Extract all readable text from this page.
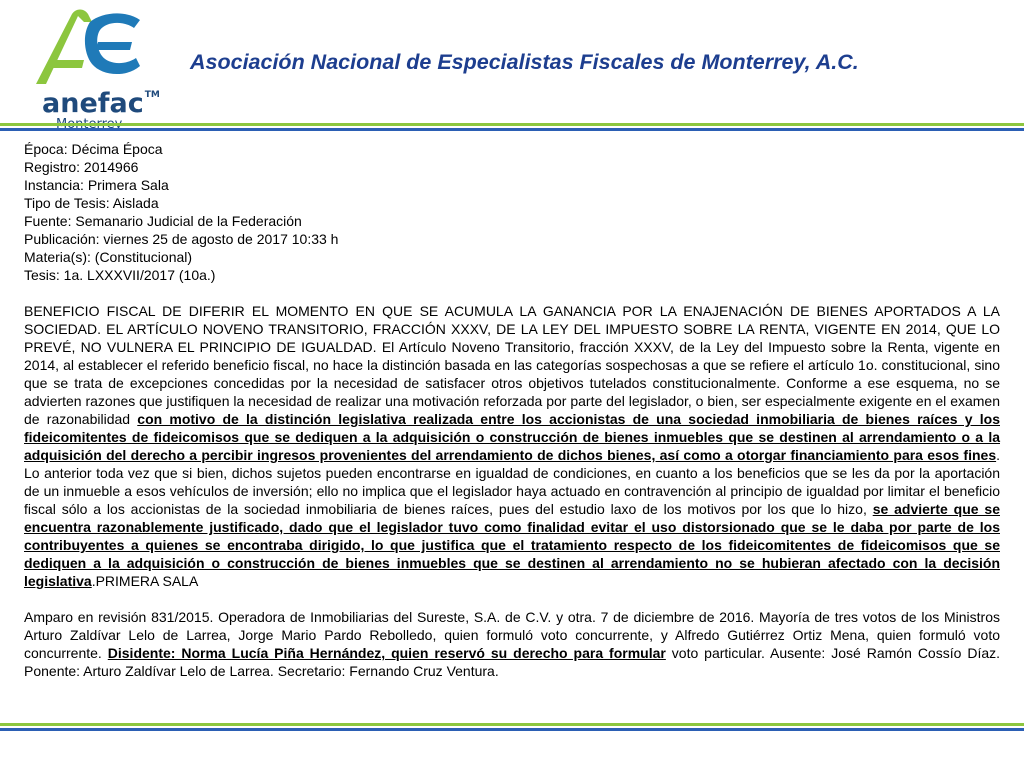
anefac™
Asociación Nacional de Especialistas Fiscales de Monterrey, A.C.
Época: Décima Época
Registro: 2014966
Instancia: Primera Sala
Tipo de Tesis: Aislada
Fuente: Semanario Judicial de la Federación
Publicación: viernes 25 de agosto de 2017 10:33 h
Materia(s): (Constitucional)
Tesis: 1a. LXXXVII/2017 (10a.)
BENEFICIO FISCAL DE DIFERIR EL MOMENTO EN QUE SE ACUMULA LA GANANCIA POR LA ENAJENACIÓN DE BIENES APORTADOS A LA SOCIEDAD. EL ARTÍCULO NOVENO TRANSITORIO, FRACCIÓN XXXV, DE LA LEY DEL IMPUESTO SOBRE LA RENTA, VIGENTE EN 2014, QUE LO PREVÉ, NO VULNERA EL PRINCIPIO DE IGUALDAD. El Artículo Noveno Transitorio, fracción XXXV, de la Ley del Impuesto sobre la Renta, vigente en 2014, al establecer el referido beneficio fiscal, no hace la distinción basada en las categorías sospechosas a que se refiere el artículo 1o. constitucional, sino que se trata de excepciones concedidas por la necesidad de satisfacer otros objetivos tutelados constitucionalmente. Conforme a ese esquema, no se advierten razones que justifiquen la necesidad de realizar una motivación reforzada por parte del legislador, o bien, ser especialmente exigente en el examen de razonabilidad con motivo de la distinción legislativa realizada entre los accionistas de una sociedad inmobiliaria de bienes raíces y los fideicomitentes de fideicomisos que se dediquen a la adquisición o construcción de bienes inmuebles que se destinen al arrendamiento o a la adquisición del derecho a percibir ingresos provenientes del arrendamiento de dichos bienes, así como a otorgar financiamiento para esos fines. Lo anterior toda vez que si bien, dichos sujetos pueden encontrarse en igualdad de condiciones, en cuanto a los beneficios que se les da por la aportación de un inmueble a esos vehículos de inversión; ello no implica que el legislador haya actuado en contravención al principio de igualdad por limitar el beneficio fiscal sólo a los accionistas de la sociedad inmobiliaria de bienes raíces, pues del estudio laxo de los motivos por los que lo hizo, se advierte que se encuentra razonablemente justificado, dado que el legislador tuvo como finalidad evitar el uso distorsionado que se le daba por parte de los contribuyentes a quienes se encontraba dirigido, lo que justifica que el tratamiento respecto de los fideicomitentes de fideicomisos que se dediquen a la adquisición o construcción de bienes inmuebles que se destinen al arrendamiento no se hubieran afectado con la decisión legislativa.PRIMERA SALA
Amparo en revisión 831/2015. Operadora de Inmobiliarias del Sureste, S.A. de C.V. y otra. 7 de diciembre de 2016. Mayoría de tres votos de los Ministros Arturo Zaldívar Lelo de Larrea, Jorge Mario Pardo Rebolledo, quien formuló voto concurrente, y Alfredo Gutiérrez Ortiz Mena, quien formuló voto concurrente. Disidente: Norma Lucía Piña Hernández, quien reservó su derecho para formular voto particular. Ausente: José Ramón Cossío Díaz. Ponente: Arturo Zaldívar Lelo de Larrea. Secretario: Fernando Cruz Ventura.
